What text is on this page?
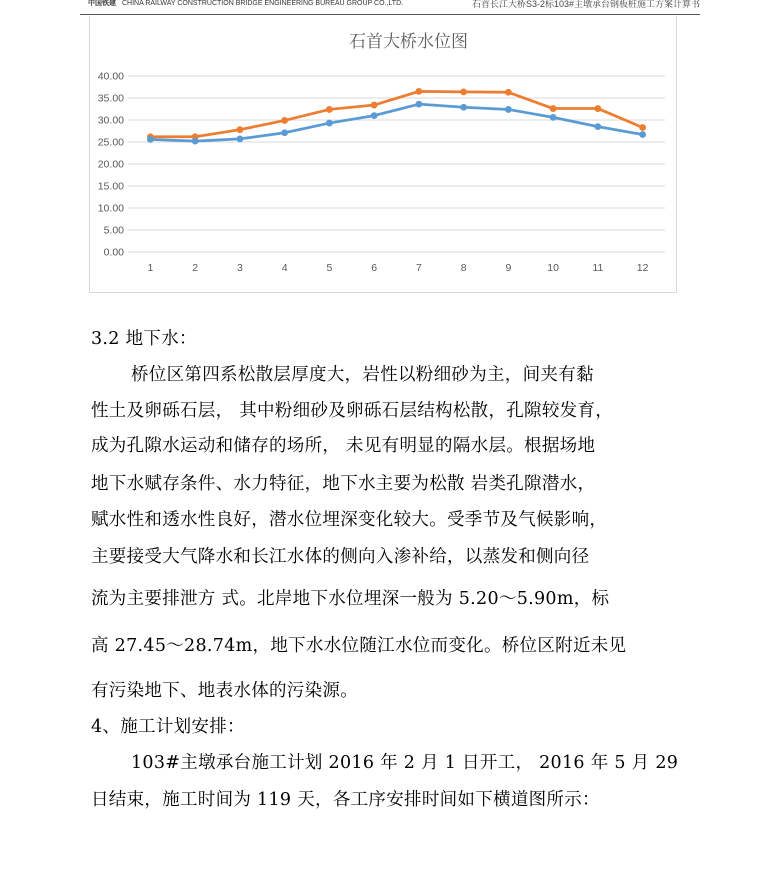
中国铁建 CHINA RAILWAY CONSTRUCTION BRIDGE ENGINEERING BUREAU GROUP CO.,LTD.	石首长江大桥S3-2标103#主墩承台钢板桩施工方案计算书
石首大桥水位图
0.00
5.00
10.00
15.00
20.00
25.00
30.00
35.00
40.00
1	2	3	4	5	6	7	8	9	10	11	12
3.2 地下水：
桥位区第四系松散层厚度大，岩性以粉细砂为主，间夹有黏
性土及卵砾石层， 其中粉细砂及卵砾石层结构松散，孔隙较发育，
成为孔隙水运动和储存的场所， 未见有明显的隔水层。根据场地
地下水赋存条件、水力特征，地下水主要为松散 岩类孔隙潜水，
赋水性和透水性良好，潜水位埋深变化较大。受季节及气候影响，
主要接受大气降水和长江水体的侧向入渗补给，以蒸发和侧向径
流为主要排泄方 式。北岸地下水位埋深一般为 5.20～5.90m，标
高 27.45～28.74m，地下水水位随江水位而变化。桥位区附近未见
有污染地下、地表水体的污染源。
4、施工计划安排：
103#主墩承台施工计划 2016 年 2 月 1 日开工， 2016 年 5 月 29
日结束，施工时间为 119 天，各工序安排时间如下横道图所示：
